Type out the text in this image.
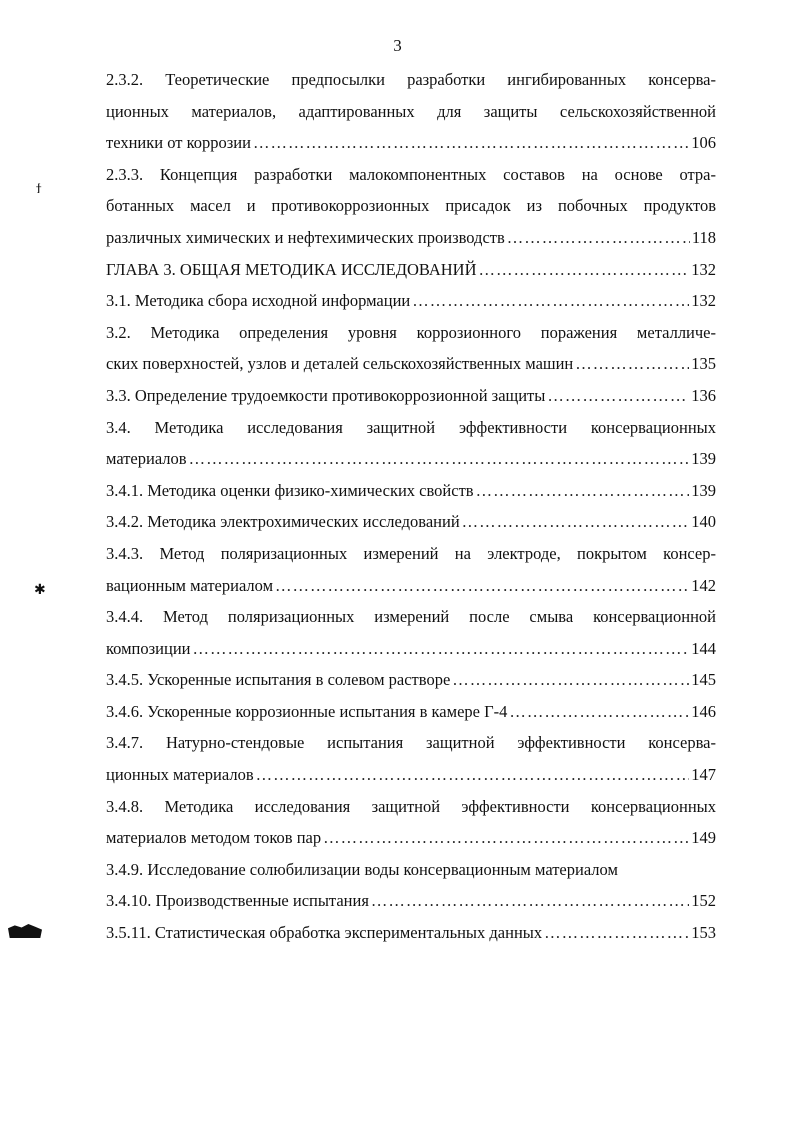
3
ϯ
✱
2.3.2. Теоретические предпосылки разработки ингибированных консерва-
ционных материалов, адаптированных для защиты сельскохозяйственной
техники от коррозии ……………………………………………………………………………………………………………………………………………………………………	106
2.3.3. Концепция разработки малокомпонентных составов на основе отра-
ботанных масел и противокоррозионных присадок из побочных продуктов
различных химических и нефтехимических производств ……………………………………………………………………………………………………………………………………………………………………	118
ГЛАВА 3. ОБЩАЯ МЕТОДИКА ИССЛЕДОВАНИЙ ……………………………………………………………………………………………………………………………………………………………………	132
3.1. Методика сбора исходной информации ……………………………………………………………………………………………………………………………………………………………………	132
3.2. Методика определения уровня коррозионного поражения металличе-
ских поверхностей, узлов и деталей сельскохозяйственных машин ……………………………………………………………………………………………………………………………………………………………………	135
3.3. Определение трудоемкости противокоррозионной защиты ……………………………………………………………………………………………………………………………………………………………………	136
3.4. Методика исследования защитной эффективности консервационных
материалов ……………………………………………………………………………………………………………………………………………………………………	139
3.4.1. Методика оценки физико-химических свойств ……………………………………………………………………………………………………………………………………………………………………	139
3.4.2. Методика электрохимических исследований ……………………………………………………………………………………………………………………………………………………………………	140
3.4.3. Метод поляризационных измерений на электроде, покрытом консер-
вационным материалом ……………………………………………………………………………………………………………………………………………………………………	142
3.4.4. Метод поляризационных измерений после смыва консервационной
композиции ……………………………………………………………………………………………………………………………………………………………………	144
3.4.5. Ускоренные испытания в солевом растворе ……………………………………………………………………………………………………………………………………………………………………	145
3.4.6. Ускоренные коррозионные испытания в камере Г-4 ……………………………………………………………………………………………………………………………………………………………………	146
3.4.7. Натурно-стендовые испытания защитной эффективности консерва-
ционных материалов ……………………………………………………………………………………………………………………………………………………………………	147
3.4.8. Методика исследования защитной эффективности консервационных
материалов методом токов пар ……………………………………………………………………………………………………………………………………………………………………	149
3.4.9. Исследование солюбилизации воды консервационным материалом
3.4.10. Производственные испытания ……………………………………………………………………………………………………………………………………………………………………	152
3.5.11. Статистическая обработка экспериментальных данных ……………………………………………………………………………………………………………………………………………………………………	153
